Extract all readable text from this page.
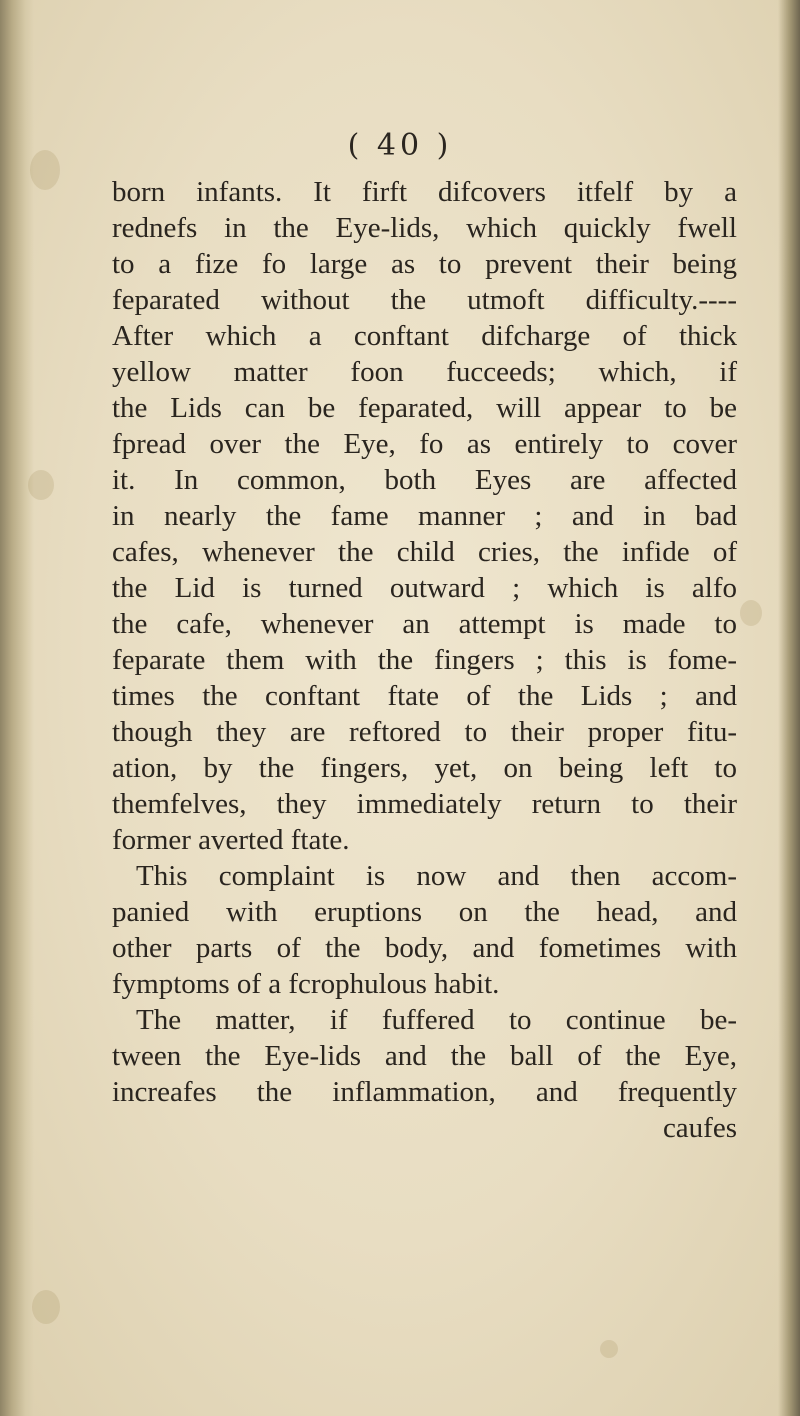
( 40 )
born infants. It firft difcovers itfelf by a
rednefs in the Eye-lids, which quickly fwell
to a fize fo large as to prevent their being
feparated without the utmoft difficulty.----
After which a conftant difcharge of thick
yellow matter foon fucceeds; which, if
the Lids can be feparated, will appear to be
fpread over the Eye, fo as entirely to cover
it. In common, both Eyes are affected
in nearly the fame manner ; and in bad
cafes, whenever the child cries, the infide of
the Lid is turned outward ; which is alfo
the cafe, whenever an attempt is made to
feparate them with the fingers ; this is fome-
times the conftant ftate of the Lids ; and
though they are reftored to their proper fitu-
ation, by the fingers, yet, on being left to
themfelves, they immediately return to their
former averted ftate.
This complaint is now and then accom-
panied with eruptions on the head, and
other parts of the body, and fometimes with
fymptoms of a fcrophulous habit.
The matter, if fuffered to continue be-
tween the Eye-lids and the ball of the Eye,
increafes the inflammation, and frequently
caufes
